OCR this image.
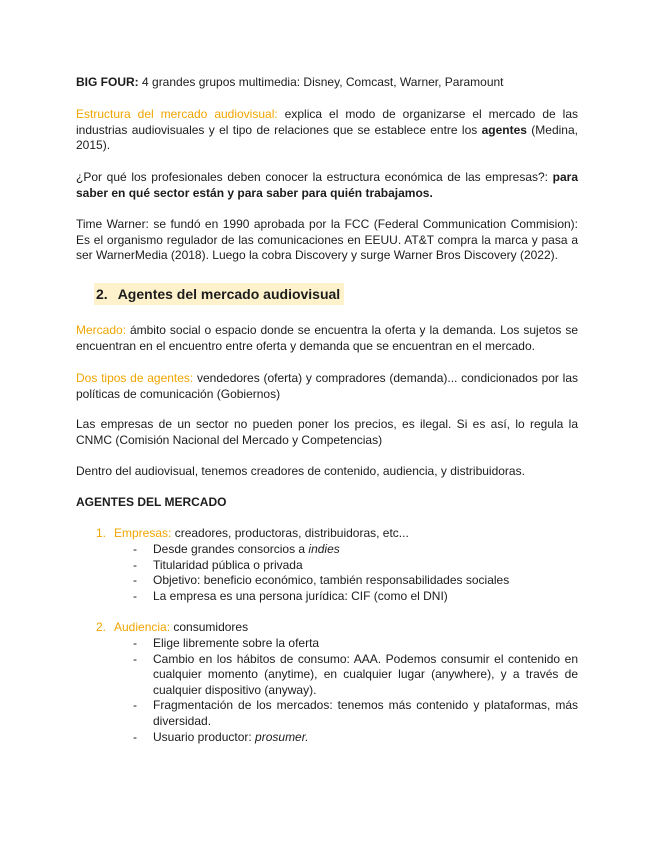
BIG FOUR: 4 grandes grupos multimedia: Disney, Comcast, Warner, Paramount

Estructura del mercado audiovisual: explica el modo de organizarse el mercado de las industrias audiovisuales y el tipo de relaciones que se establece entre los agentes (Medina, 2015).

¿Por qué los profesionales deben conocer la estructura económica de las empresas?: para saber en qué sector están y para saber para quién trabajamos.

Time Warner: se fundó en 1990 aprobada por la FCC (Federal Communication Commision): Es el organismo regulador de las comunicaciones en EEUU. AT&T compra la marca y pasa a ser WarnerMedia (2018). Luego la cobra Discovery y surge Warner Bros Discovery (2022).

2. Agentes del mercado audiovisual

Mercado: ámbito social o espacio donde se encuentra la oferta y la demanda. Los sujetos se encuentran en el encuentro entre oferta y demanda que se encuentran en el mercado.

Dos tipos de agentes: vendedores (oferta) y compradores (demanda)... condicionados por las políticas de comunicación (Gobiernos)

Las empresas de un sector no pueden poner los precios, es ilegal. Si es así, lo regula la CNMC (Comisión Nacional del Mercado y Competencias)

Dentro del audiovisual, tenemos creadores de contenido, audiencia, y distribuidoras.

AGENTES DEL MERCADO
1. Empresas: creadores, productoras, distribuidoras, etc...
- Desde grandes consorcios a indies
- Titularidad pública o privada
- Objetivo: beneficio económico, también responsabilidades sociales
- La empresa es una persona jurídica: CIF (como el DNI)
2. Audiencia: consumidores
- Elige libremente sobre la oferta
- Cambio en los hábitos de consumo: AAA. Podemos consumir el contenido en cualquier momento (anytime), en cualquier lugar (anywhere), y a través de cualquier dispositivo (anyway).
- Fragmentación de los mercados: tenemos más contenido y plataformas, más diversidad.
- Usuario productor: prosumer.
